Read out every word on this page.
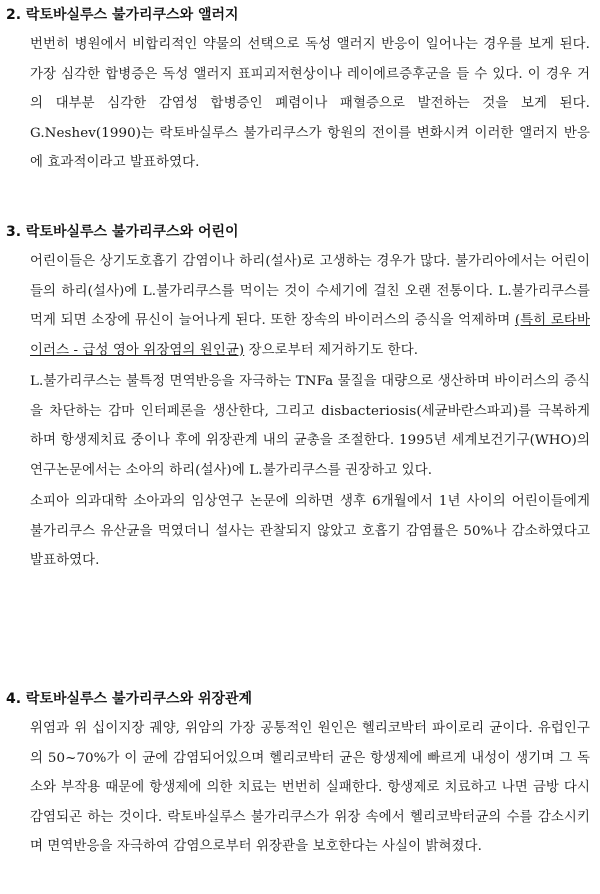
2. 락토바실루스 불가리쿠스와 앨러지

번번히 병원에서 비합리적인 약물의 선택으로 독성 앨러지 반응이 일어나는 경우를 보게 된다. 가장 심각한 합병증은 독성 앨러지 표피괴저현상이나 레이에르증후군을 들 수 있다. 이 경우 거의 대부분 심각한 감염성 합병증인 폐렴이나 패혈증으로 발전하는 것을 보게 된다. G.Neshev(1990)는 락토바실루스 불가리쿠스가 항원의 전이를 변화시켜 이러한 앨러지 반응에 효과적이라고 발표하였다.

3. 락토바실루스 불가리쿠스와 어린이

어린이들은 상기도호흡기 감염이나 하리(설사)로 고생하는 경우가 많다. 불가리아에서는 어린이들의 하리(설사)에 L.불가리쿠스를 먹이는 것이 수세기에 걸친 오랜 전통이다. L.불가리쿠스를 먹게 되면 소장에 뮤신이 늘어나게 된다. 또한 장속의 바이러스의 증식을 억제하며 (특히 로타바이러스 - 급성 영아 위장염의 원인균) 장으로부터 제거하기도 한다.

L.불가리쿠스는 불특정 면역반응을 자극하는 TNFa 물질을 대량으로 생산하며 바이러스의 증식을 차단하는 감마 인터페론을 생산한다, 그리고 disbacteriosis(세균바란스파괴)를 극복하게 하며 항생제치료 중이나 후에 위장관계 내의 균총을 조절한다. 1995년 세계보건기구(WHO)의 연구논문에서는 소아의 하리(설사)에 L.불가리쿠스를 권장하고 있다.

소피아 의과대학 소아과의 임상연구 논문에 의하면 생후 6개월에서 1년 사이의 어린이들에게 불가리쿠스 유산균을 먹였더니 설사는 관찰되지 않았고 호흡기 감염률은 50%나 감소하였다고 발표하였다.

4. 락토바실루스 불가리쿠스와 위장관계

위염과 위 십이지장 궤양, 위암의 가장 공통적인 원인은 헬리코박터 파이로리 균이다. 유럽인구의 50~70%가 이 균에 감염되어있으며 헬리코박터 균은 항생제에 빠르게 내성이 생기며 그 독소와 부작용 때문에 항생제에 의한 치료는 번번히 실패한다. 항생제로 치료하고 나면 금방 다시 감염되곤 하는 것이다. 락토바실루스 불가리쿠스가 위장 속에서 헬리코박터균의 수를 감소시키며 면역반응을 자극하여 감염으로부터 위장관을 보호한다는 사실이 밝혀졌다.
